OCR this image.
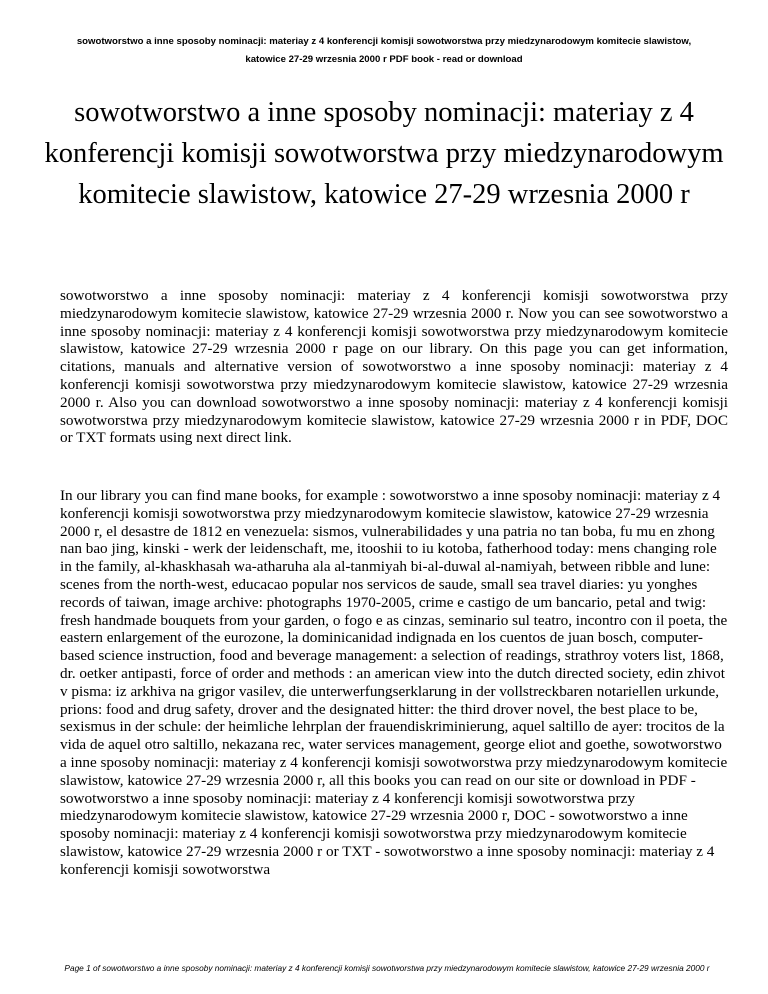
sowotworstwo a inne sposoby nominacji: materiay z 4 konferencji komisji sowotworstwa przy miedzynarodowym komitecie slawistow,
katowice 27-29 wrzesnia 2000 r PDF book - read or download
sowotworstwo a inne sposoby nominacji: materiay z 4 konferencji komisji sowotworstwa przy miedzynarodowym komitecie slawistow, katowice 27-29 wrzesnia 2000 r

sowotworstwo a inne sposoby nominacji: materiay z 4 konferencji komisji sowotworstwa przy miedzynarodowym komitecie slawistow, katowice 27-29 wrzesnia 2000 r. Now you can see sowotworstwo a inne sposoby nominacji: materiay z 4 konferencji komisji sowotworstwa przy miedzynarodowym komitecie slawistow, katowice 27-29 wrzesnia 2000 r page on our library. On this page you can get information, citations, manuals and alternative version of sowotworstwo a inne sposoby nominacji: materiay z 4 konferencji komisji sowotworstwa przy miedzynarodowym komitecie slawistow, katowice 27-29 wrzesnia 2000 r. Also you can download sowotworstwo a inne sposoby nominacji: materiay z 4 konferencji komisji sowotworstwa przy miedzynarodowym komitecie slawistow, katowice 27-29 wrzesnia 2000 r in PDF, DOC or TXT formats using next direct link.

In our library you can find mane books, for example : sowotworstwo a inne sposoby nominacji: materiay z 4 konferencji komisji sowotworstwa przy miedzynarodowym komitecie slawistow, katowice 27-29 wrzesnia 2000 r, el desastre de 1812 en venezuela: sismos, vulnerabilidades y una patria no tan boba, fu mu en zhong nan bao jing, kinski - werk der leidenschaft, me, itooshii to iu kotoba, fatherhood today: mens changing role in the family, al-khaskhasah wa-atharuha ala al-tanmiyah bi-al-duwal al-namiyah, between ribble and lune: scenes from the north-west, educacao popular nos servicos de saude, small sea travel diaries: yu yonghes records of taiwan, image archive: photographs 1970-2005, crime e castigo de um bancario, petal and twig: fresh handmade bouquets from your garden, o fogo e as cinzas, seminario sul teatro, incontro con il poeta, the eastern enlargement of the eurozone, la dominicanidad indignada en los cuentos de juan bosch, computer-based science instruction, food and beverage management: a selection of readings, strathroy voters list, 1868, dr. oetker antipasti, force of order and methods : an american view into the dutch directed society, edin zhivot v pisma: iz arkhiva na grigor vasilev, die unterwerfungserklarung in der vollstreckbaren notariellen urkunde, prions: food and drug safety, drover and the designated hitter: the third drover novel, the best place to be, sexismus in der schule: der heimliche lehrplan der frauendiskriminierung, aquel saltillo de ayer: trocitos de la vida de aquel otro saltillo, nekazana rec, water services management, george eliot and goethe, sowotworstwo a inne sposoby nominacji: materiay z 4 konferencji komisji sowotworstwa przy miedzynarodowym komitecie slawistow, katowice 27-29 wrzesnia 2000 r, all this books you can read on our site or download in PDF - sowotworstwo a inne sposoby nominacji: materiay z 4 konferencji komisji sowotworstwa przy miedzynarodowym komitecie slawistow, katowice 27-29 wrzesnia 2000 r, DOC - sowotworstwo a inne sposoby nominacji: materiay z 4 konferencji komisji sowotworstwa przy miedzynarodowym komitecie slawistow, katowice 27-29 wrzesnia 2000 r or TXT - sowotworstwo a inne sposoby nominacji: materiay z 4 konferencji komisji sowotworstwa

Page 1 of sowotworstwo a inne sposoby nominacji: materiay z 4 konferencji komisji sowotworstwa przy miedzynarodowym komitecie slawistow, katowice 27-29 wrzesnia 2000 r
